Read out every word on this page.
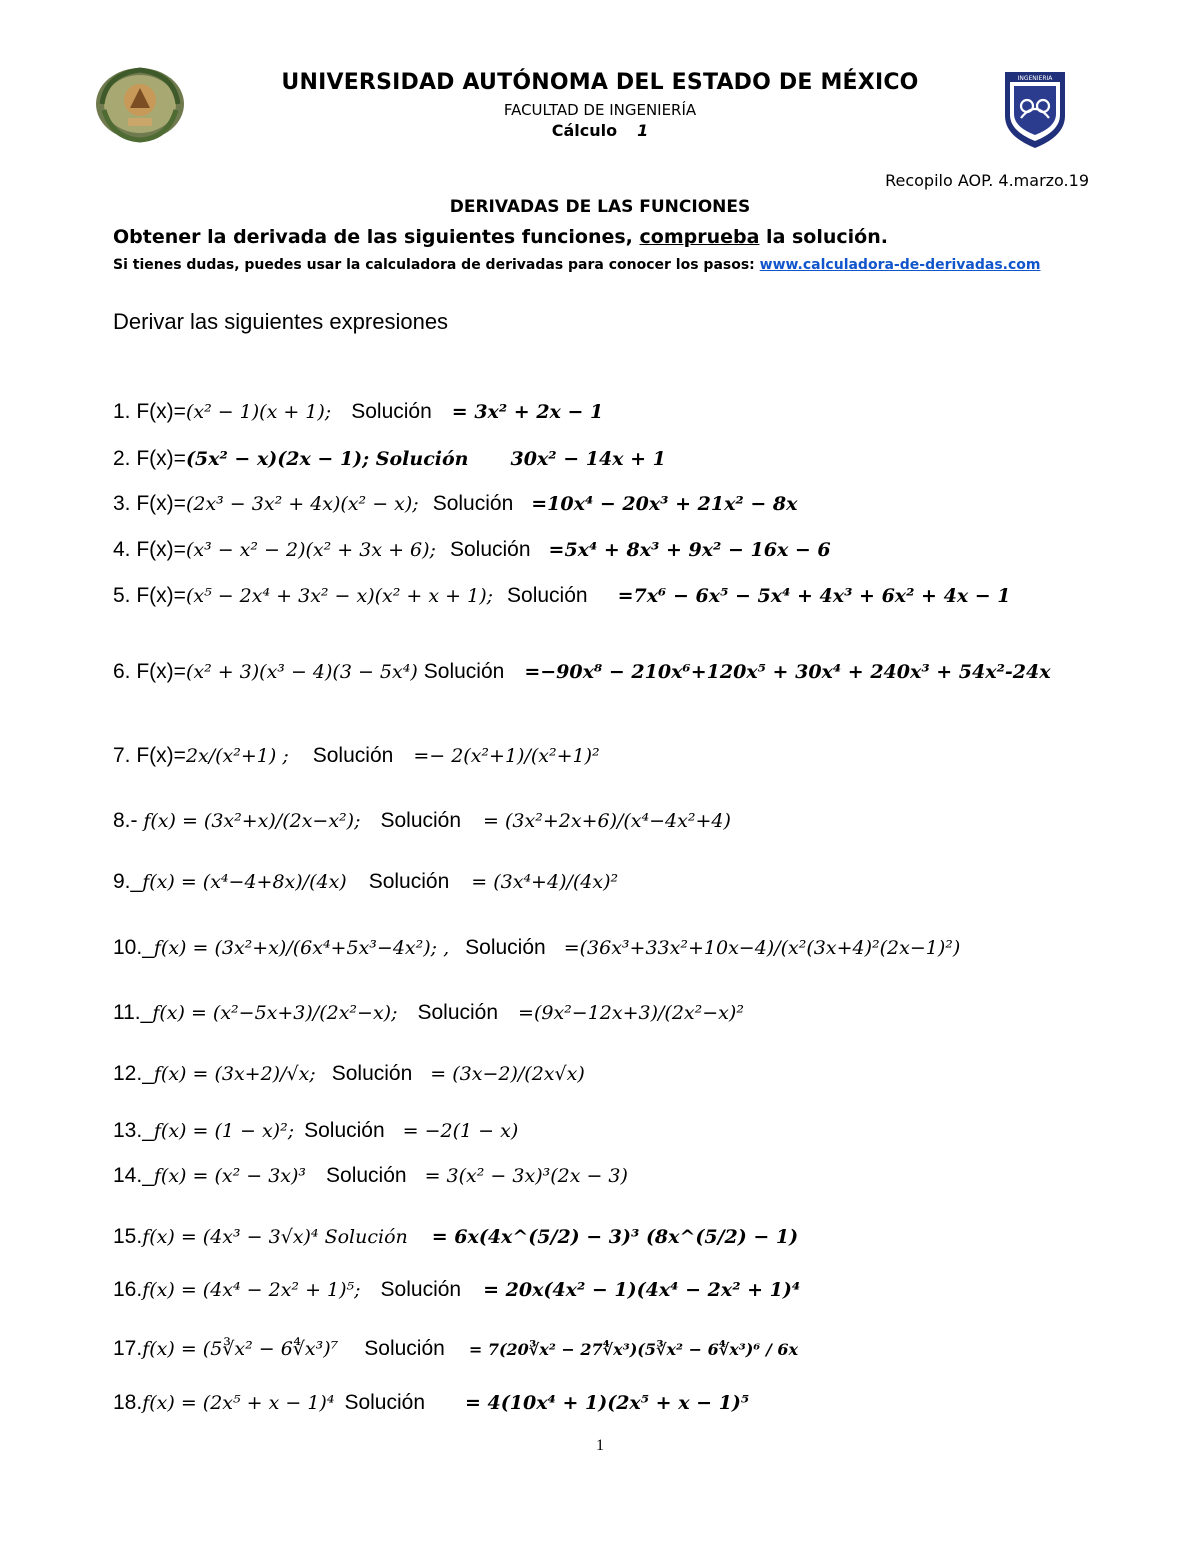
INGENIERIA
UNIVERSIDAD AUTÓNOMA DEL ESTADO DE MÉXICO
FACULTAD DE INGENIERÍA
Cálculo 1
Recopilo AOP. 4.marzo.19
DERIVADAS DE LAS FUNCIONES
Obtener la derivada de las siguientes funciones, comprueba la solución.
Si tienes dudas, puedes usar la calculadora de derivadas para conocer los pasos: www.calculadora-de-derivadas.com
Derivar las siguientes expresiones
1. F(x)=(x² − 1)(x + 1); Solución = 3x² + 2x − 1
2. F(x)=(5x² − x)(2x − 1); Solución 30x² − 14x + 1
3. F(x)=(2x³ − 3x² + 4x)(x² − x); Solución =10x⁴ − 20x³ + 21x² − 8x
4. F(x)=(x³ − x² − 2)(x² + 3x + 6); Solución =5x⁴ + 8x³ + 9x² − 16x − 6
5. F(x)=(x⁵ − 2x⁴ + 3x² − x)(x² + x + 1); Solución =7x⁶ − 6x⁵ − 5x⁴ + 4x³ + 6x² + 4x − 1
6. F(x)=(x² + 3)(x³ − 4)(3 − 5x⁴) Solución =−90x⁸ − 210x⁶+120x⁵ + 30x⁴ + 240x³ + 54x²-24x
7. F(x)=2x/(x²+1) ; Solución =− 2(x²+1)/(x²+1)²
8.- f(x) = (3x²+x)/(2x−x²); Solución = (3x²+2x+6)/(x⁴−4x²+4)
9._f(x) = (x⁴−4+8x)/(4x) Solución = (3x⁴+4)/(4x)²
10._f(x) = (3x²+x)/(6x⁴+5x³−4x²); , Solución =(36x³+33x²+10x−4)/(x²(3x+4)²(2x−1)²)
11._f(x) = (x²−5x+3)/(2x²−x); Solución =(9x²−12x+3)/(2x²−x)²
12._f(x) = (3x+2)/√x; Solución = (3x−2)/(2x√x)
13._f(x) = (1 − x)²; Solución = −2(1 − x)
14._f(x) = (x² − 3x)³ Solución = 3(x² − 3x)³(2x − 3)
15.f(x) = (4x³ − 3√x)⁴ Solución = 6x(4x^(5/2) − 3)³ (8x^(5/2) − 1)
16.f(x) = (4x⁴ − 2x² + 1)⁵; Solución = 20x(4x² − 1)(4x⁴ − 2x² + 1)⁴
17.f(x) = (5∛x² − 6∜x³)⁷ Solución = 7(20∛x² − 27∜x³)(5∛x² − 6∜x³)⁶ / 6x
18.f(x) = (2x⁵ + x − 1)⁴ Solución = 4(10x⁴ + 1)(2x⁵ + x − 1)⁵
1
